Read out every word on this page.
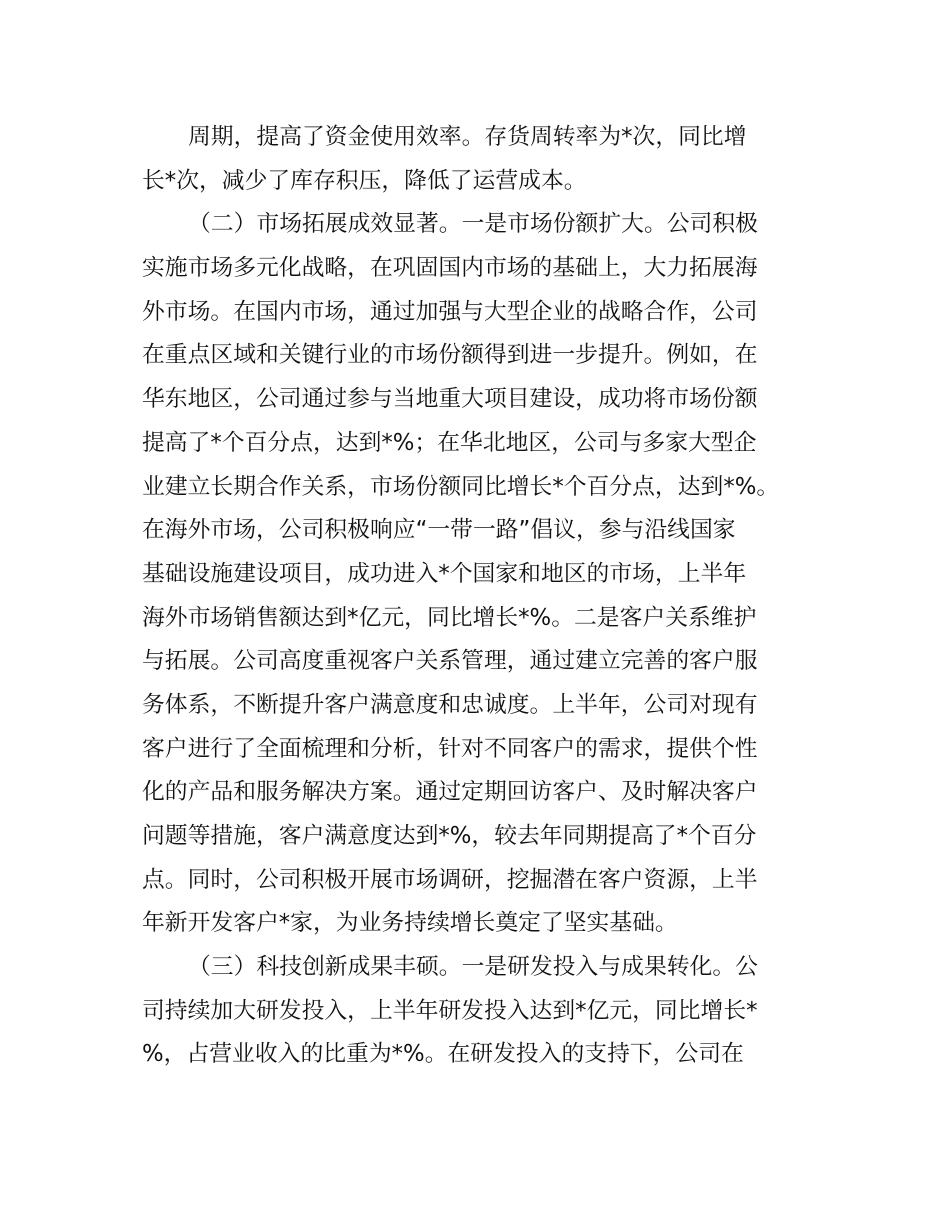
周期，提高了资金使用效率。存货周转率为*次，同比增
长*次，减少了库存积压，降低了运营成本。
（二）市场拓展成效显著。一是市场份额扩大。公司积极
实施市场多元化战略，在巩固国内市场的基础上，大力拓展海
外市场。在国内市场，通过加强与大型企业的战略合作，公司
在重点区域和关键行业的市场份额得到进一步提升。例如，在
华东地区，公司通过参与当地重大项目建设，成功将市场份额
提高了*个百分点，达到*%；在华北地区，公司与多家大型企
业建立长期合作关系，市场份额同比增长*个百分点，达到*%。
在海外市场，公司积极响应“一带一路”倡议，参与沿线国家
基础设施建设项目，成功进入*个国家和地区的市场，上半年
海外市场销售额达到*亿元，同比增长*%。二是客户关系维护
与拓展。公司高度重视客户关系管理，通过建立完善的客户服
务体系，不断提升客户满意度和忠诚度。上半年，公司对现有
客户进行了全面梳理和分析，针对不同客户的需求，提供个性
化的产品和服务解决方案。通过定期回访客户、及时解决客户
问题等措施，客户满意度达到*%，较去年同期提高了*个百分
点。同时，公司积极开展市场调研，挖掘潜在客户资源，上半
年新开发客户*家，为业务持续增长奠定了坚实基础。
（三）科技创新成果丰硕。一是研发投入与成果转化。公
司持续加大研发投入，上半年研发投入达到*亿元，同比增长*
%，占营业收入的比重为*%。在研发投入的支持下，公司在
